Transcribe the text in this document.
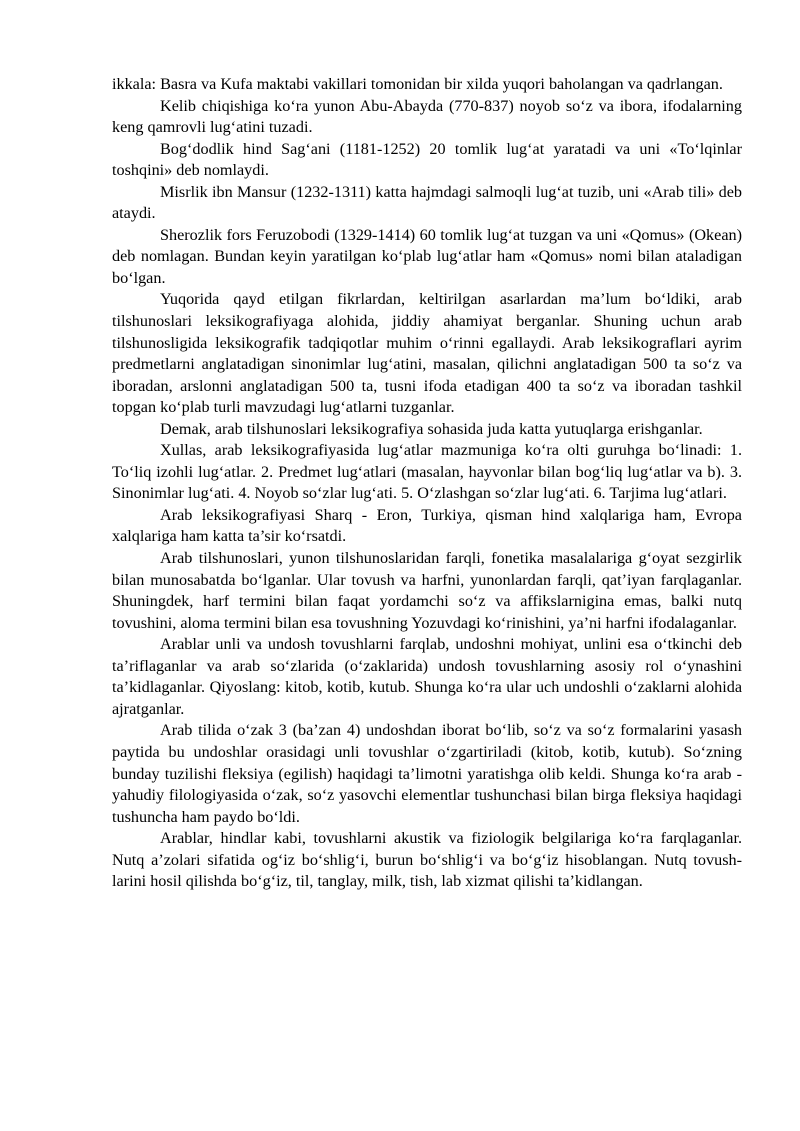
ikkala: Basra va Kufa maktabi vakillari tomonidan bir xilda yuqori baholangan va qadrlangan.

Kelib chiqishiga ko‘ra yunon Abu-Abayda (770-837) noyob so‘z va ibora, ifodalarning keng qamrovli lug‘atini tuzadi.

Bog‘dodlik hind Sag‘ani (1181-1252) 20 tomlik lug‘at yaratadi va uni «To‘lqinlar toshqini» deb nomlaydi.

Misrlik ibn Mansur (1232-1311) katta hajmdagi salmoqli lug‘at tuzib, uni «Arab tili» deb ataydi.

Sherozlik fors Feruzobodi (1329-1414) 60 tomlik lug‘at tuzgan va uni «Qomus» (Okean) deb nomlagan. Bundan keyin yaratilgan ko‘plab lug‘atlar ham «Qomus» nomi bilan ataladigan bo‘lgan.

Yuqorida qayd etilgan fikrlardan, keltirilgan asarlardan ma’lum bo‘ldiki, arab tilshunoslari leksikografiyaga alohida, jiddiy ahamiyat berganlar. Shuning uchun arab tilshunosligida leksikografik tadqiqotlar muhim o‘rinni egallaydi. Arab leksikograflari ayrim predmetlarni anglatadigan sinonimlar lug‘atini, masalan, qilichni anglatadigan 500 ta so‘z va iboradan, arslonni anglatadigan 500 ta, tusni ifoda etadigan 400 ta so‘z va iboradan tashkil topgan ko‘plab turli mavzudagi lug‘atlarni tuzganlar.

Demak, arab tilshunoslari leksikografiya sohasida juda katta yutuqlarga erishganlar.

Xullas, arab leksikografiyasida lug‘atlar mazmuniga ko‘ra olti guruhga bo‘linadi: 1. To‘liq izohli lug‘atlar. 2. Predmet lug‘atlari (masalan, hayvonlar bilan bog‘liq lug‘atlar va b). 3. Sinonimlar lug‘ati. 4. Noyob so‘zlar lug‘ati. 5. O‘zlashgan so‘zlar lug‘ati. 6. Tarjima lug‘atlari.

Arab leksikografiyasi Sharq - Eron, Turkiya, qisman hind xalqlariga ham, Evropa xalqlariga ham katta ta’sir ko‘rsatdi.

Arab tilshunoslari, yunon tilshunoslaridan farqli, fonetika masalalariga g‘oyat sezgirlik bilan munosabatda bo‘lganlar. Ular tovush va harfni, yunonlardan farqli, qat’iyan farqlaganlar. Shuningdek, harf termini bilan faqat yordamchi so‘z va affikslarnigina emas, balki nutq tovushini, aloma termini bilan esa tovushning Yozuvdagi ko‘rinishini, ya’ni harfni ifodalaganlar.

Arablar unli va undosh tovushlarni farqlab, undoshni mohiyat, unlini esa o‘tkinchi deb ta’riflaganlar va arab so‘zlarida (o‘zaklarida) undosh tovushlarning asosiy rol o‘ynashini ta’kidlaganlar. Qiyoslang: kitob, kotib, kutub. Shunga ko‘ra ular uch undoshli o‘zaklarni alohida ajratganlar.

Arab tilida o‘zak 3 (ba’zan 4) undoshdan iborat bo‘lib, so‘z va so‘z formalarini yasash paytida bu undoshlar orasidagi unli tovushlar o‘zgartiriladi (kitob, kotib, kutub). So‘zning bunday tuzilishi fleksiya (egilish) haqidagi ta’limotni yaratishga olib keldi. Shunga ko‘ra arab - yahudiy filologiyasida o‘zak, so‘z yasovchi elementlar tushunchasi bilan birga fleksiya haqidagi tushuncha ham paydo bo‘ldi.

Arablar, hindlar kabi, tovushlarni akustik va fiziologik belgilariga ko‘ra farqlaganlar. Nutq a’zolari sifatida og‘iz bo‘shlig‘i, burun bo‘shlig‘i va bo‘g‘iz hisoblangan. Nutq tovush-larini hosil qilishda bo‘g‘iz, til, tanglay, milk, tish, lab xizmat qilishi ta’kidlangan.
